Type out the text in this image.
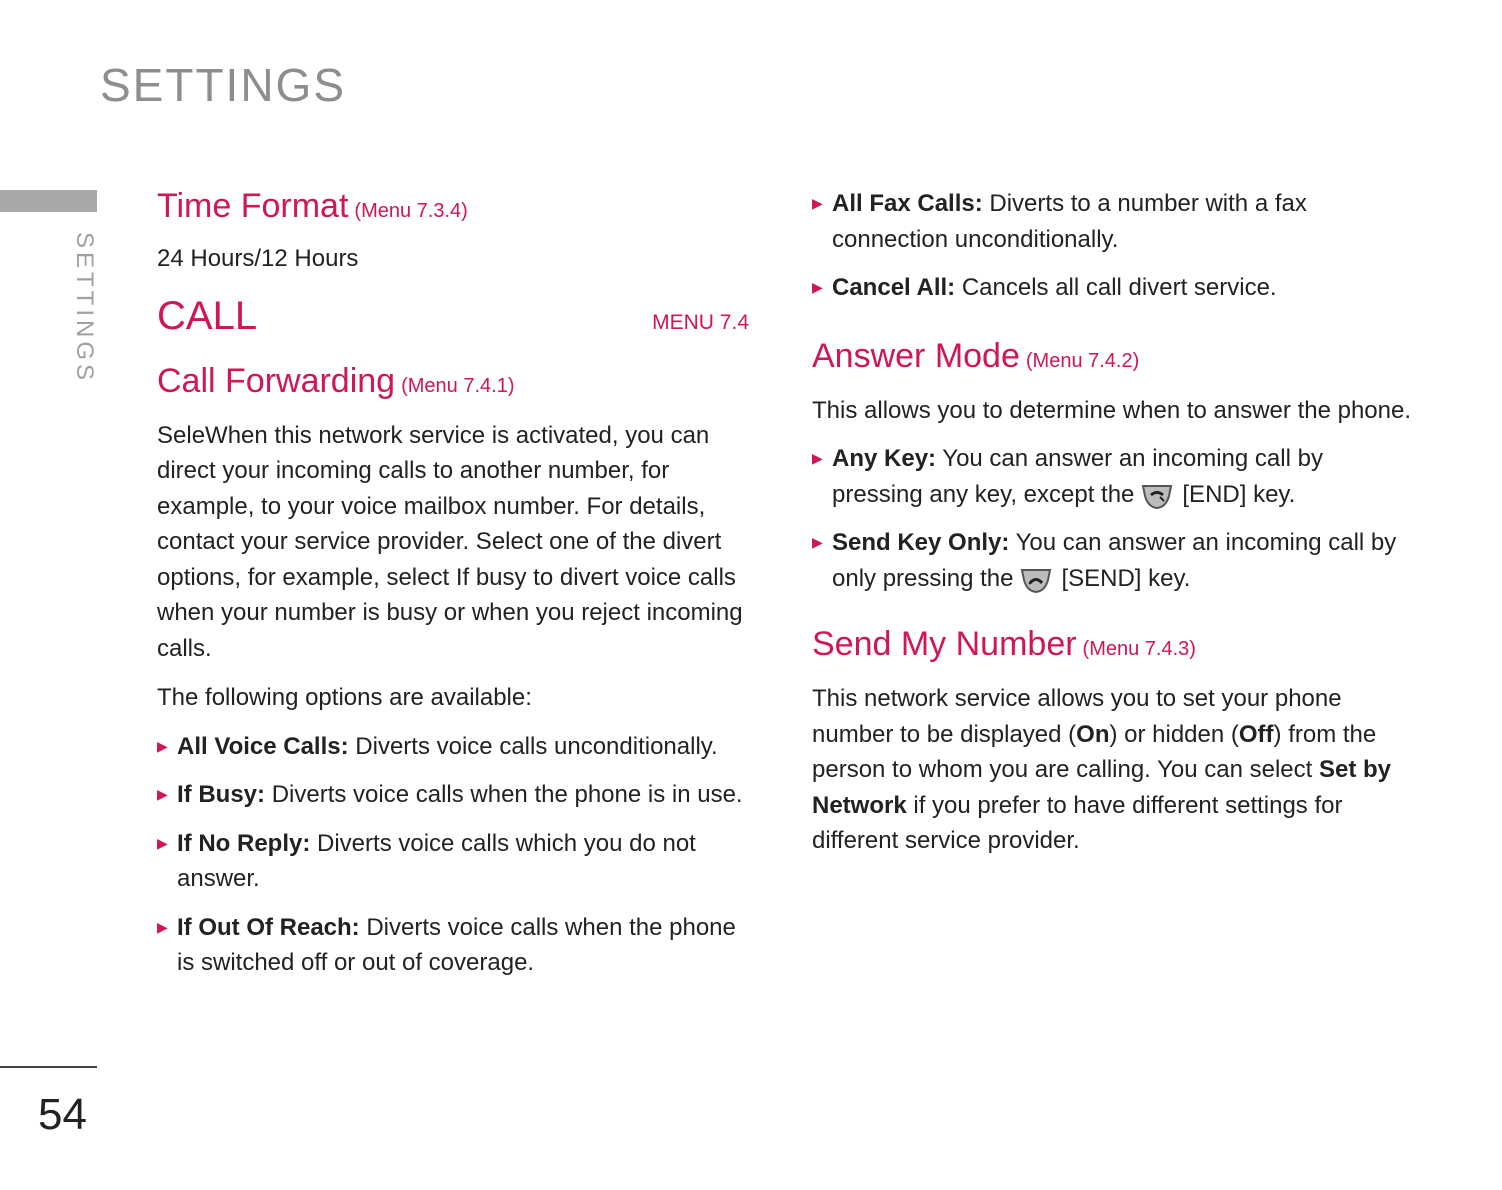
SETTINGS
SETTINGS
54
Time Format (Menu 7.3.4)

24 Hours/12 Hours

CALL	MENU 7.4
Call Forwarding (Menu 7.4.1)

SeleWhen this network service is activated, you can direct your incoming calls to another number, for example, to your voice mailbox number. For details, contact your service provider. Select one of the divert options, for example, select If busy to divert voice calls when your number is busy or when you reject incoming calls.

The following options are available:

▶ All Voice Calls: Diverts voice calls unconditionally.
▶ If Busy: Diverts voice calls when the phone is in use.
▶ If No Reply: Diverts voice calls which you do not answer.
▶ If Out Of Reach: Diverts voice calls when the phone is switched off or out of coverage.
▶ All Fax Calls: Diverts to a number with a fax connection unconditionally.
▶ Cancel All: Cancels all call divert service.
Answer Mode (Menu 7.4.2)

This allows you to determine when to answer the phone.

▶ Any Key: You can answer an incoming call by pressing any key, except the [END] key.
▶ Send Key Only: You can answer an incoming call by only pressing the [SEND] key.
Send My Number (Menu 7.4.3)

This network service allows you to set your phone number to be displayed (On) or hidden (Off) from the person to whom you are calling. You can select Set by Network if you prefer to have different settings for different service provider.
